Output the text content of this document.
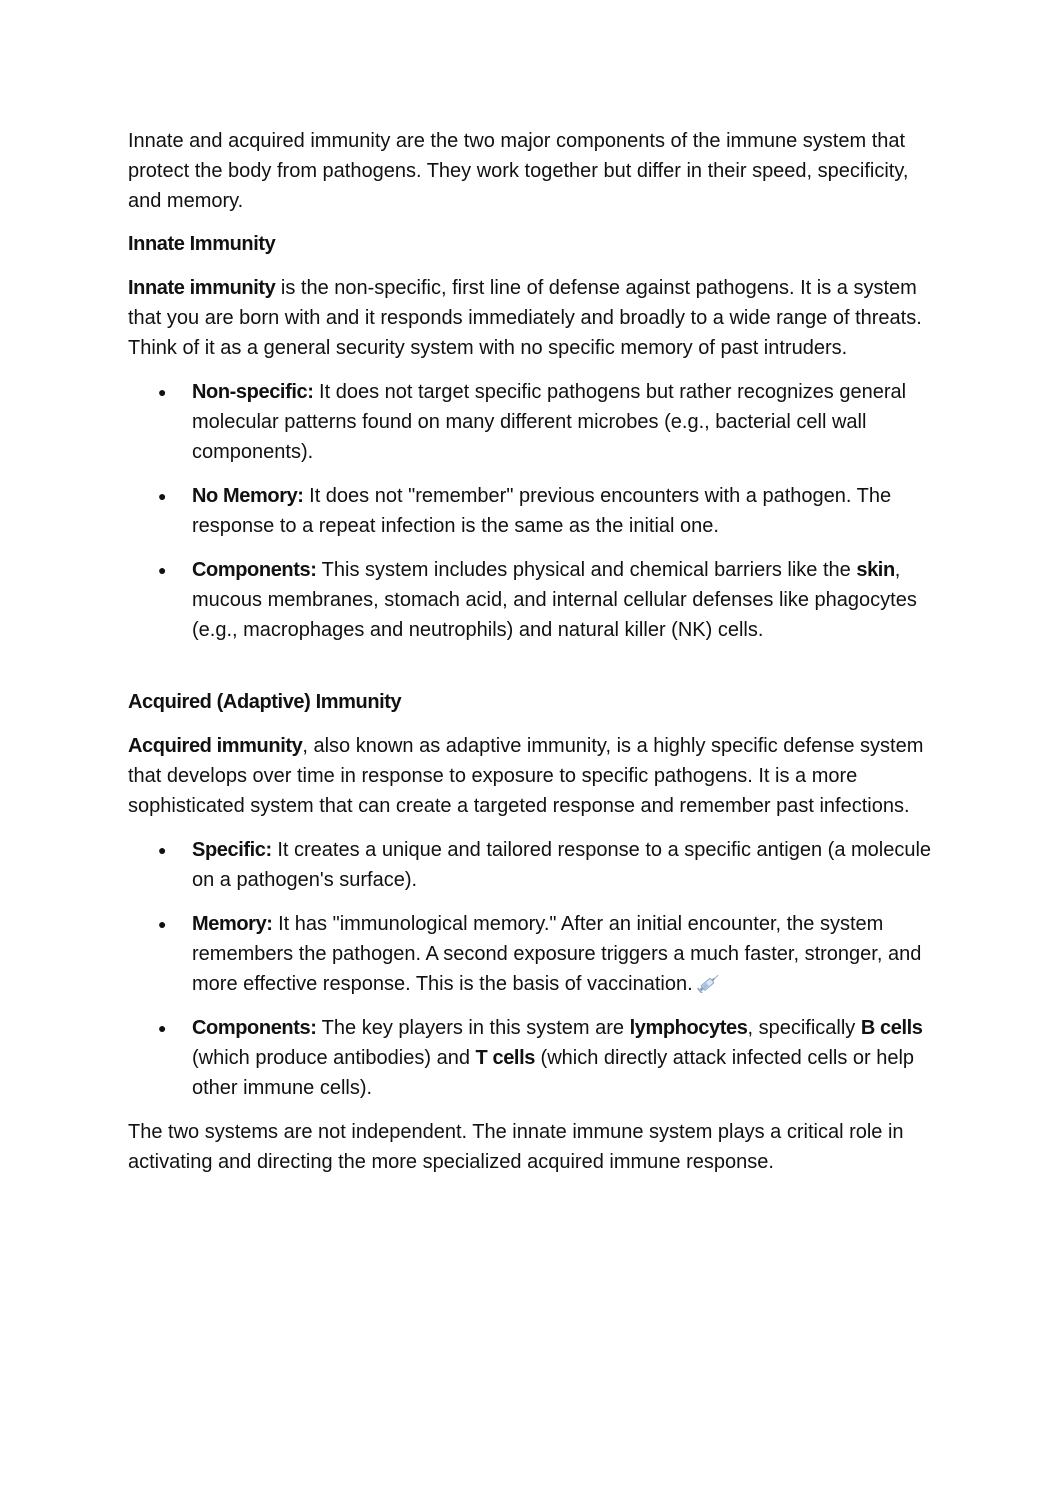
Innate and acquired immunity are the two major components of the immune system that protect the body from pathogens. They work together but differ in their speed, specificity, and memory.

Innate Immunity

Innate immunity is the non-specific, first line of defense against pathogens. It is a system that you are born with and it responds immediately and broadly to a wide range of threats. Think of it as a general security system with no specific memory of past intruders.

● Non-specific: It does not target specific pathogens but rather recognizes general molecular patterns found on many different microbes (e.g., bacterial cell wall components).
● No Memory: It does not "remember" previous encounters with a pathogen. The response to a repeat infection is the same as the initial one.
● Components: This system includes physical and chemical barriers like the skin, mucous membranes, stomach acid, and internal cellular defenses like phagocytes (e.g., macrophages and neutrophils) and natural killer (NK) cells.

Acquired (Adaptive) Immunity

Acquired immunity, also known as adaptive immunity, is a highly specific defense system that develops over time in response to exposure to specific pathogens. It is a more sophisticated system that can create a targeted response and remember past infections.

● Specific: It creates a unique and tailored response to a specific antigen (a molecule on a pathogen's surface).
● Memory: It has "immunological memory." After an initial encounter, the system remembers the pathogen. A second exposure triggers a much faster, stronger, and more effective response. This is the basis of vaccination.
● Components: The key players in this system are lymphocytes, specifically B cells (which produce antibodies) and T cells (which directly attack infected cells or help other immune cells).

The two systems are not independent. The innate immune system plays a critical role in activating and directing the more specialized acquired immune response.
